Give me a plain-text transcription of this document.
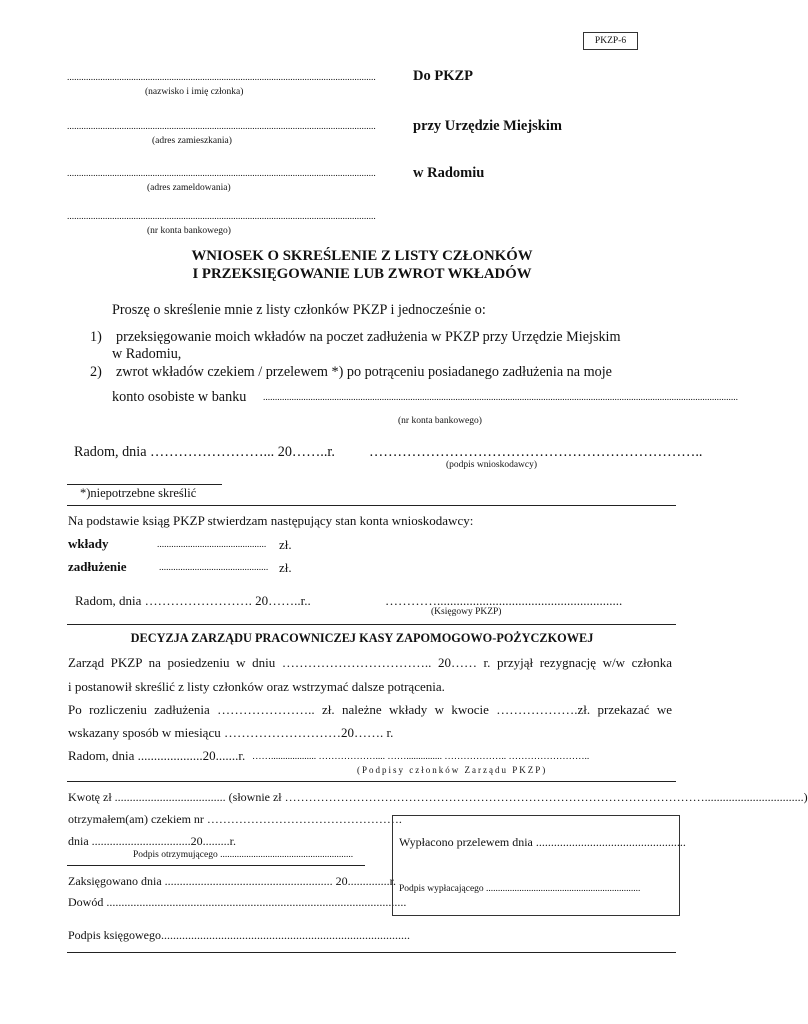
PKZP-6
..................................................................................................................................
(nazwisko i imię członka)
..................................................................................................................................
(adres zamieszkania)
..................................................................................................................................
(adres zameldowania)
..................................................................................................................................
(nr konta bankowego)
Do PKZP
przy Urzędzie Miejskim
w Radomiu
WNIOSEK O SKREŚLENIE Z LISTY CZŁONKÓW
I PRZEKSIĘGOWANIE LUB ZWROT WKŁADÓW
Proszę o skreślenie mnie z listy członków PKZP i jednocześnie o:
1) przeksięgowanie moich wkładów na poczet zadłużenia w PKZP przy Urzędzie Miejskim
w Radomiu,
2) zwrot wkładów czekiem / przelewem *) po potrąceniu posiadanego zadłużenia na moje
konto osobiste w banku ........................................................................................................................................................................................................
(nr konta bankowego)
Radom, dnia ……………………... 20……..r. ……………………………………………………………..
(podpis wnioskodawcy)
*)niepotrzebne skreślić
Na podstawie ksiąg PKZP stwierdzam następujący stan konta wnioskodawcy:
wkłady	.............................................. zł.
zadłużenie	.............................................. zł.
Radom, dnia ……………………. 20……..r..	………….........................................................
(Księgowy PKZP)
DECYZJA ZARZĄDU PRACOWNICZEJ KASY ZAPOMOGOWO-POŻYCZKOWEJ
Zarząd PKZP na posiedzeniu w dniu …………………………….. 20…… r. przyjął rezygnację w/w członka
i postanowił skreślić z listy członków oraz wstrzymać dalsze potrącenia.
Po rozliczeniu zadłużenia ………………….. zł. należne wkłady w kwocie ……………….zł. przekazać we
wskazany sposób w miesiącu ………………………20……. r.
Radom, dnia ....................20.......r. ……................... ……………….... ……............... ……………….. ……………………..
(Podpisy członków Zarządu PKZP)
Kwotę zł ..................................... (słownie zł …………………………………………………………………………………………….................................)
otrzymałem(am) czekiem nr ………………………………………….
dnia .................................20.........r.
Podpis otrzymującego ........................................................
Zaksięgowano dnia ........................................................ 20..............r.
Dowód ....................................................................................................
Podpis księgowego...................................................................................
Wypłacono przelewem dnia ..................................................
Podpis wypłacającego .................................................................
